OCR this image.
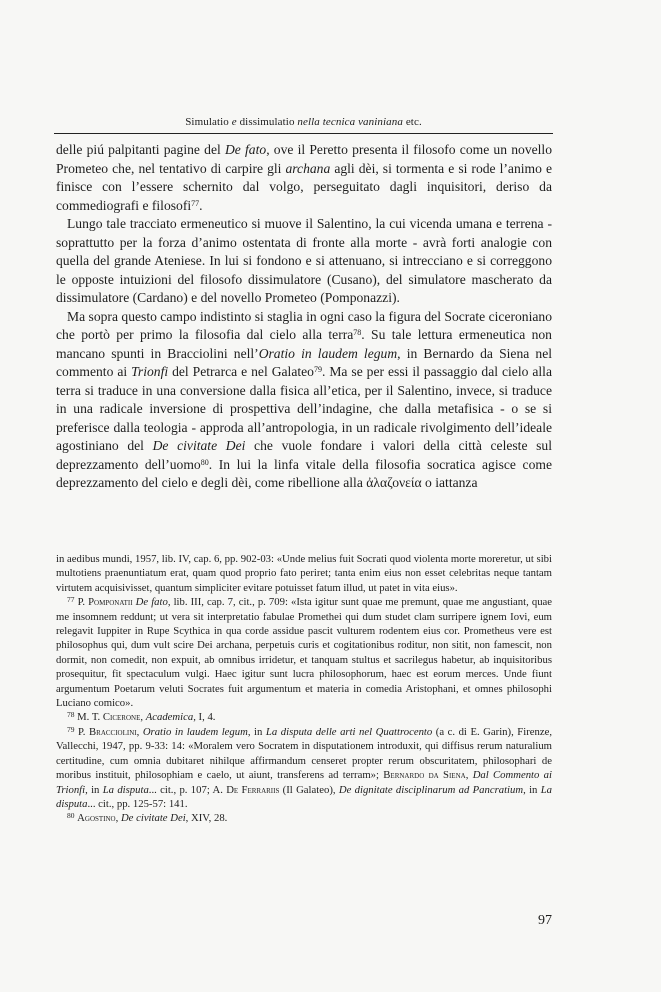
Simulatio e dissimulatio nella tecnica vaniniana etc.

delle piú palpitanti pagine del De fato, ove il Peretto presenta il filosofo come un novello Prometeo che, nel tentativo di carpire gli archana agli dèi, si tormenta e si rode l’animo e finisce con l’essere schernito dal volgo, perseguitato dagli inquisitori, deriso da commediografi e filosofi$^{77}$.

Lungo tale tracciato ermeneutico si muove il Salentino, la cui vicenda umana e terrena - soprattutto per la forza d’animo ostentata di fronte alla morte - avrà forti analogie con quella del grande Ateniese. In lui si fondono e si attenuano, si intrecciano e si correggono le opposte intuizioni del filosofo dissimulatore (Cusano), del simulatore mascherato da dissimulatore (Cardano) e del novello Prometeo (Pomponazzi).

Ma sopra questo campo indistinto si staglia in ogni caso la figura del Socrate ciceroniano che portò per primo la filosofia dal cielo alla terra$^{78}$. Su tale lettura ermeneutica non mancano spunti in Bracciolini nell’Oratio in laudem legum, in Bernardo da Siena nel commento ai Trionfi del Petrarca e nel Galateo$^{79}$. Ma se per essi il passaggio dal cielo alla terra si traduce in una conversione dalla fisica all’etica, per il Salentino, invece, si traduce in una radicale inversione di prospettiva dell’indagine, che dalla metafisica - o se si preferisce dalla teologia - approda all’antropologia, in un radicale rivolgimento dell’ideale agostiniano del De civitate Dei che vuole fondare i valori della città celeste sul deprezzamento dell’uomo$^{80}$. In lui la linfa vitale della filosofia socratica agisce come deprezzamento del cielo e degli dèi, come ribellione alla ἀλαζονεία o iattanza

in aedibus mundi, 1957, lib. IV, cap. 6, pp. 902-03: «Unde melius fuit Socrati quod violenta morte moreretur, ut sibi multotiens praenuntiatum erat, quam quod proprio fato periret; tanta enim eius non esset celebritas neque tantam virtutem acquisivisset, quantum simpliciter evitare potuisset fatum illud, ut patet in vita eius».

$^{77}$ P. Pomponatii De fato, lib. III, cap. 7, cit., p. 709: «Ista igitur sunt quae me premunt, quae me angustiant, quae me insomnem reddunt; ut vera sit interpretatio fabulae Promethei qui dum studet clam surripere ignem Iovi, eum relegavit Iuppiter in Rupe Scythica in qua corde assidue pascit vulturem rodentem eius cor. Prometheus vere est philosophus qui, dum vult scire Dei archana, perpetuis curis et cogitationibus roditur, non sitit, non famescit, non dormit, non comedit, non expuit, ab omnibus irridetur, et tanquam stultus et sacrilegus habetur, ab inquisitoribus prosequitur, fit spectaculum vulgi. Haec igitur sunt lucra philosophorum, haec est eorum merces. Unde fiunt argumentum Poetarum veluti Socrates fuit argumentum et materia in comedia Aristophani, et omnes philosophi Luciano comico».

$^{78}$ M. T. Cicerone, Academica, I, 4.

$^{79}$ P. Bracciolini, Oratio in laudem legum, in La disputa delle arti nel Quattrocento (a c. di E. Garin), Firenze, Vallecchi, 1947, pp. 9-33: 14: «Moralem vero Socratem in disputationem introduxit, qui diffisus rerum naturalium certitudine, cum omnia dubitaret nihilque affirmandum censeret propter rerum obscuritatem, philosophari de moribus instituit, philosophiam e caelo, ut aiunt, transferens ad terram»; Bernardo da Siena, Dal Commento ai Trionfi, in La disputa... cit., p. 107; A. De Ferrariis (Il Galateo), De dignitate disciplinarum ad Pancratium, in La disputa... cit., pp. 125-57: 141.

$^{80}$ Agostino, De civitate Dei, XIV, 28.

97
